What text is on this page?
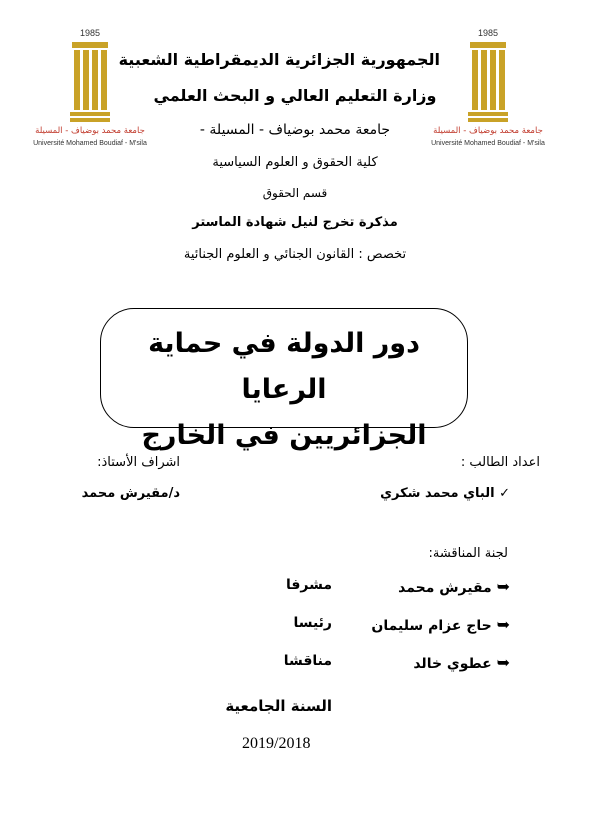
1985
جامعة محمد بوضياف - المسيلة
Université Mohamed Boudiaf - M'sila
1985
جامعة محمد بوضياف - المسيلة
Université Mohamed Boudiaf - M'sila
الجمهورية الجزائرية الديمقراطية الشعبية
وزارة التعليم العالي و البحث العلمي
جامعة محمد بوضياف - المسيلة -
كلية الحقوق و العلوم السياسية
قسم الحقوق
مذكرة تخرج لنيل شهادة الماستر
تخصص : القانون الجنائي و العلوم الجنائية
دور الدولة في حماية الرعايا
الجزائريين في الخارج
اعداد الطالب :
اشراف الأستاذ:
✓ الباي محمد شكري
د/مقيرش محمد
لجنة المناقشة:
➥ مقيرش محمد
مشرفا
➥ حاج عزام سليمان
رئيسا
➥ عطوي خالد
مناقشا
السنة الجامعية
2019/2018
